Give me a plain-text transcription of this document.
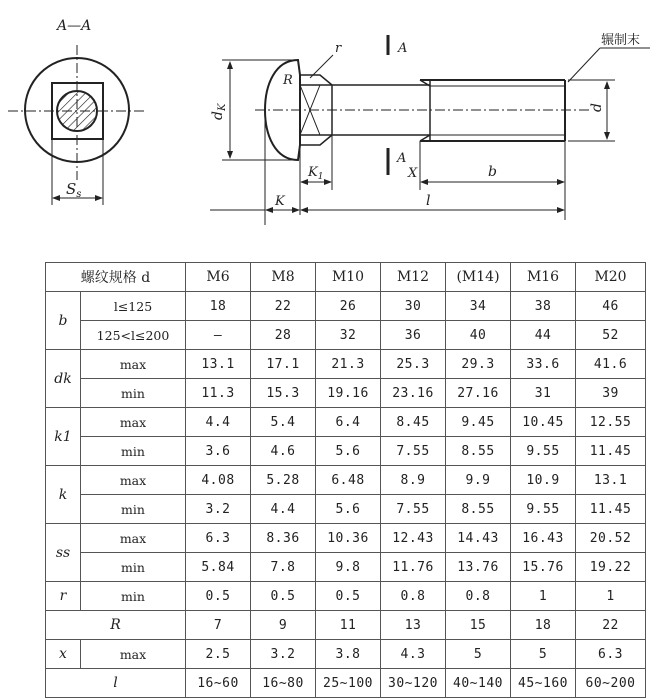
A—A
$S_s$
A
A
r
R
$d_K$	d
辗制末
$K_1$	X	b
K	l
螺纹规格 d		M6	M8	M10	M12	(M14)	M16	M20
b	l≤125	18	22	26	30	34	38	46
	125<l≤200	—	28	32	36	40	44	52
dk	max	13.1	17.1	21.3	25.3	29.3	33.6	41.6
	min	11.3	15.3	19.16	23.16	27.16	31	39
k1	max	4.4	5.4	6.4	8.45	9.45	10.45	12.55
	min	3.6	4.6	5.6	7.55	8.55	9.55	11.45
k	max	4.08	5.28	6.48	8.9	9.9	10.9	13.1
	min	3.2	4.4	5.6	7.55	8.55	9.55	11.45
ss	max	6.3	8.36	10.36	12.43	14.43	16.43	20.52
	min	5.84	7.8	9.8	11.76	13.76	15.76	19.22
r	min	0.5	0.5	0.5	0.8	0.8	1	1
R		7	9	11	13	15	18	22
x	max	2.5	3.2	3.8	4.3	5	5	6.3
l		16~60	16~80	25~100	30~120	40~140	45~160	60~200
